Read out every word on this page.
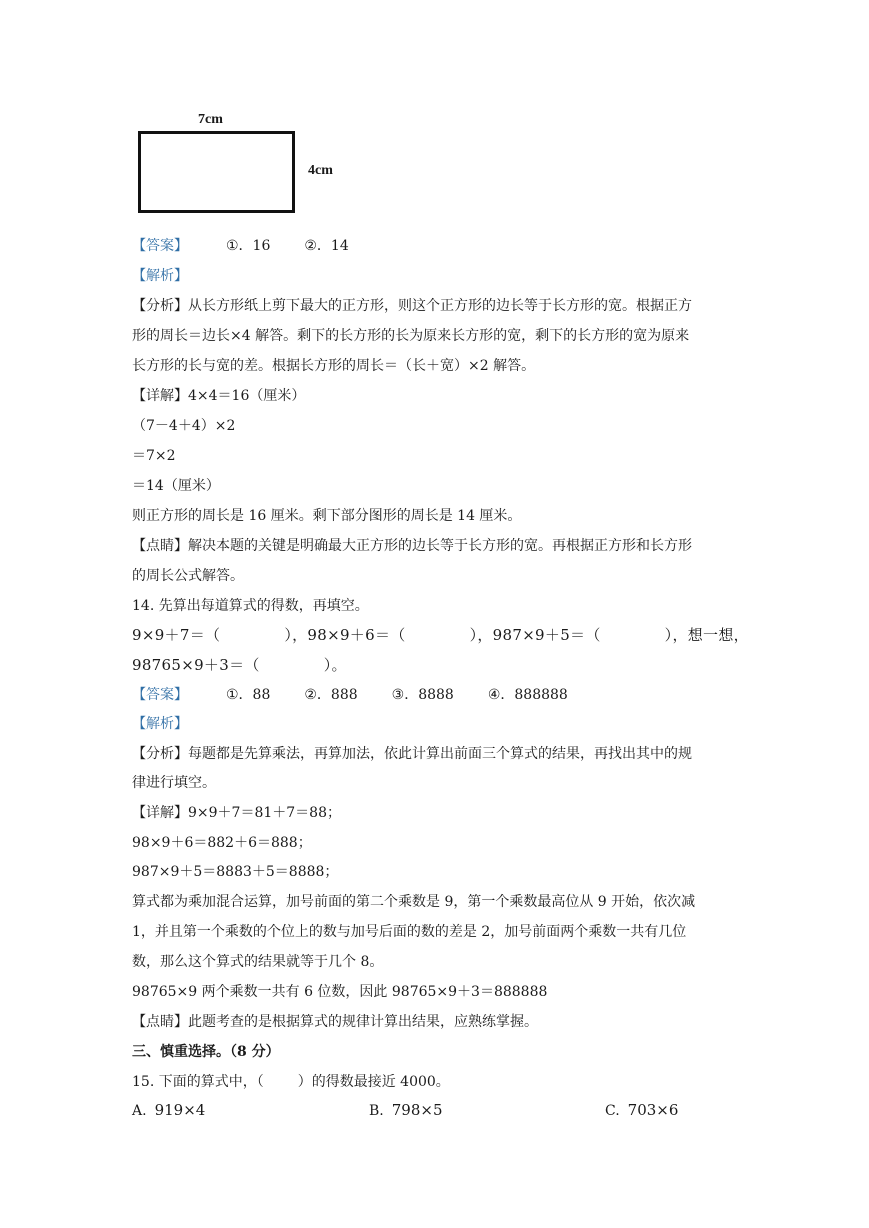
7cm
4cm
【答案】	①．16 ②．14
【解析】
【分析】从长方形纸上剪下最大的正方形，则这个正方形的边长等于长方形的宽。根据正方
形的周长＝边长×4 解答。剩下的长方形的长为原来长方形的宽，剩下的长方形的宽为原来
长方形的长与宽的差。根据长方形的周长＝（长＋宽）×2 解答。
【详解】4×4＝16（厘米）
（7－4＋4）×2
＝7×2
＝14（厘米）
则正方形的周长是 16 厘米。剩下部分图形的周长是 14 厘米。
【点睛】解决本题的关键是明确最大正方形的边长等于长方形的宽。再根据正方形和长方形
的周长公式解答。
14. 先算出每道算式的得数，再填空。
9×9＋7＝（	），98×9＋6＝（	），987×9＋5＝（	），想一想，
98765×9＋3＝（	）。
【答案】	①．88 ②．888 ③．8888 ④．888888
【解析】
【分析】每题都是先算乘法，再算加法，依此计算出前面三个算式的结果，再找出其中的规
律进行填空。
【详解】9×9＋7＝81＋7＝88；
98×9＋6＝882＋6＝888；
987×9＋5＝8883＋5＝8888；
算式都为乘加混合运算，加号前面的第二个乘数是 9，第一个乘数最高位从 9 开始，依次减
1，并且第一个乘数的个位上的数与加号后面的数的差是 2，加号前面两个乘数一共有几位
数，那么这个算式的结果就等于几个 8。
98765×9 两个乘数一共有 6 位数，因此 98765×9＋3＝888888
【点睛】此题考查的是根据算式的规律计算出结果，应熟练掌握。
三、慎重选择。（8 分）
15. 下面的算式中，（ ）的得数最接近 4000。
A. 919×4	B. 798×5	C. 703×6
